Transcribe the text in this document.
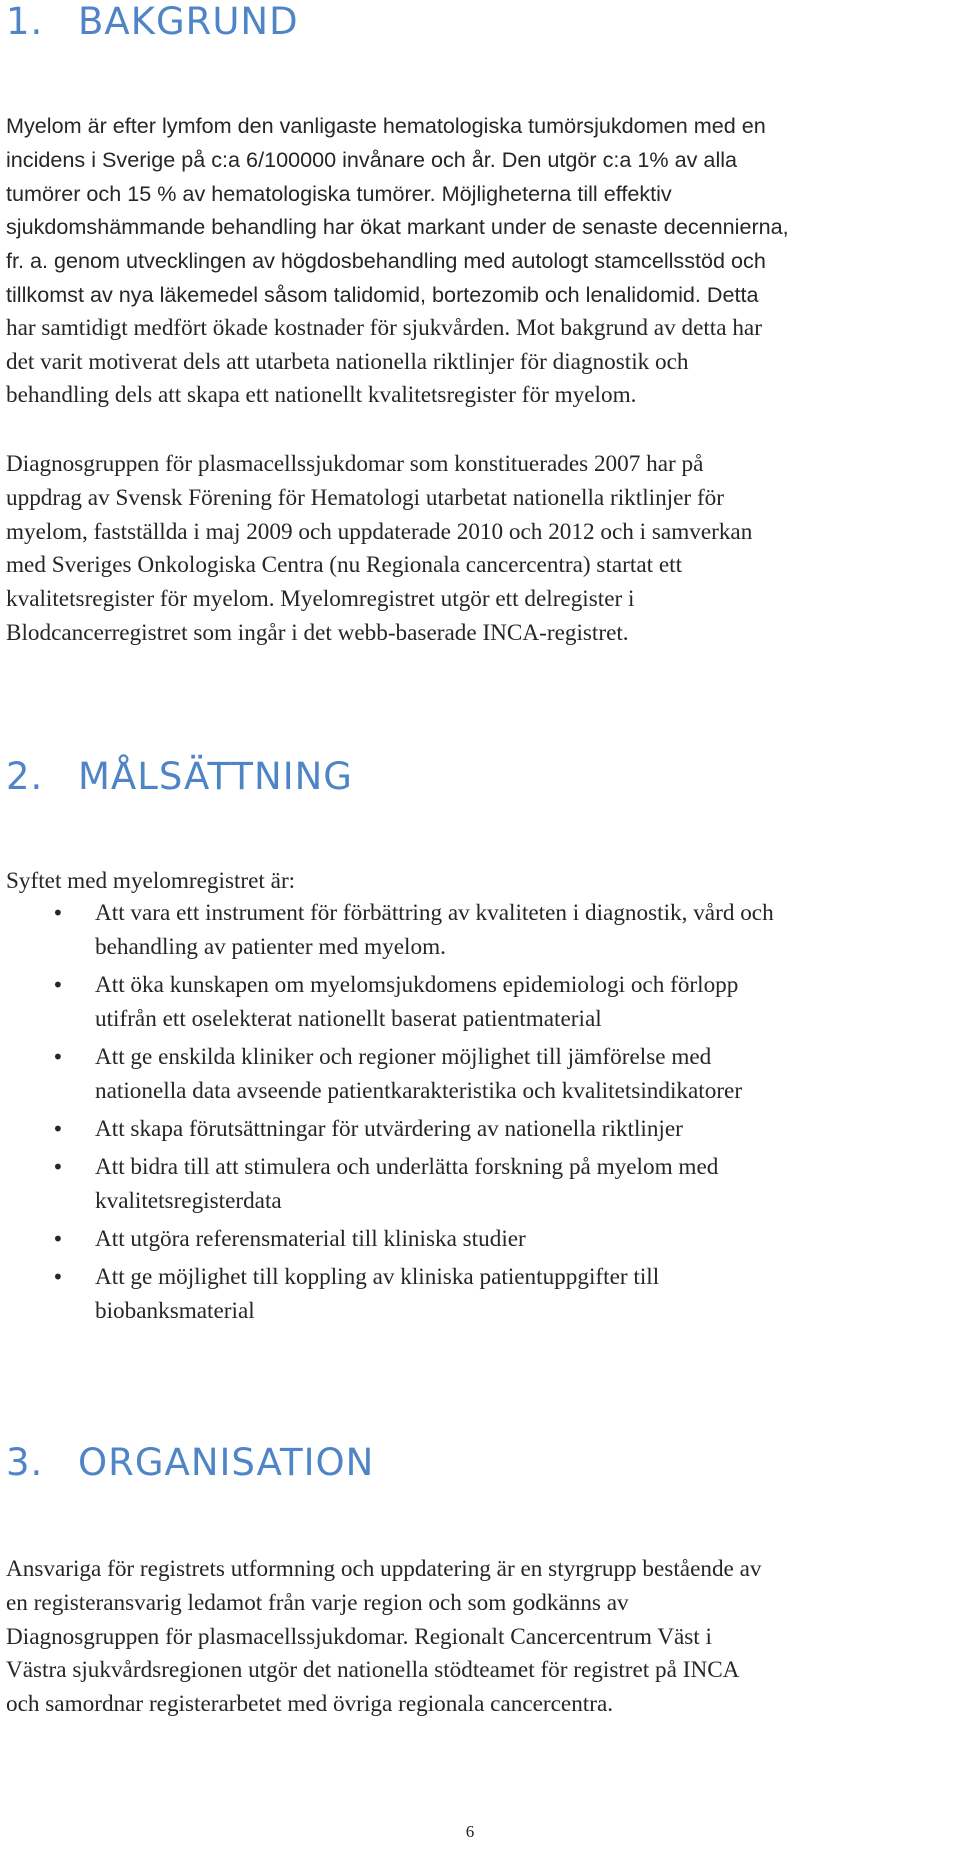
1. BAKGRUND

Myelom är efter lymfom den vanligaste hematologiska tumörsjukdomen med en
incidens i Sverige på c:a 6/100000 invånare och år. Den utgör c:a 1% av alla
tumörer och 15 % av hematologiska tumörer. Möjligheterna till effektiv
sjukdomshämmande behandling har ökat markant under de senaste decennierna,
fr. a. genom utvecklingen av högdosbehandling med autologt stamcellsstöd och
tillkomst av nya läkemedel såsom talidomid, bortezomib och lenalidomid. Detta
har samtidigt medfört ökade kostnader för sjukvården. Mot bakgrund av detta har
det varit motiverat dels att utarbeta nationella riktlinjer för diagnostik och
behandling dels att skapa ett nationellt kvalitetsregister för myelom.

Diagnosgruppen för plasmacellssjukdomar som konstituerades 2007 har på
uppdrag av Svensk Förening för Hematologi utarbetat nationella riktlinjer för
myelom, fastställda i maj 2009 och uppdaterade 2010 och 2012 och i samverkan
med Sveriges Onkologiska Centra (nu Regionala cancercentra) startat ett
kvalitetsregister för myelom. Myelomregistret utgör ett delregister i
Blodcancerregistret som ingår i det webb-baserade INCA-registret.

2. MÅLSÄTTNING

Syftet med myelomregistret är:

• Att vara ett instrument för förbättring av kvaliteten i diagnostik, vård och
behandling av patienter med myelom.
• Att öka kunskapen om myelomsjukdomens epidemiologi och förlopp
utifrån ett oselekterat nationellt baserat patientmaterial
• Att ge enskilda kliniker och regioner möjlighet till jämförelse med
nationella data avseende patientkarakteristika och kvalitetsindikatorer
• Att skapa förutsättningar för utvärdering av nationella riktlinjer
• Att bidra till att stimulera och underlätta forskning på myelom med
kvalitetsregisterdata
• Att utgöra referensmaterial till kliniska studier
• Att ge möjlighet till koppling av kliniska patientuppgifter till
biobanksmaterial
3. ORGANISATION

Ansvariga för registrets utformning och uppdatering är en styrgrupp bestående av
en registeransvarig ledamot från varje region och som godkänns av
Diagnosgruppen för plasmacellssjukdomar. Regionalt Cancercentrum Väst i
Västra sjukvårdsregionen utgör det nationella stödteamet för registret på INCA
och samordnar registerarbetet med övriga regionala cancercentra.

6
